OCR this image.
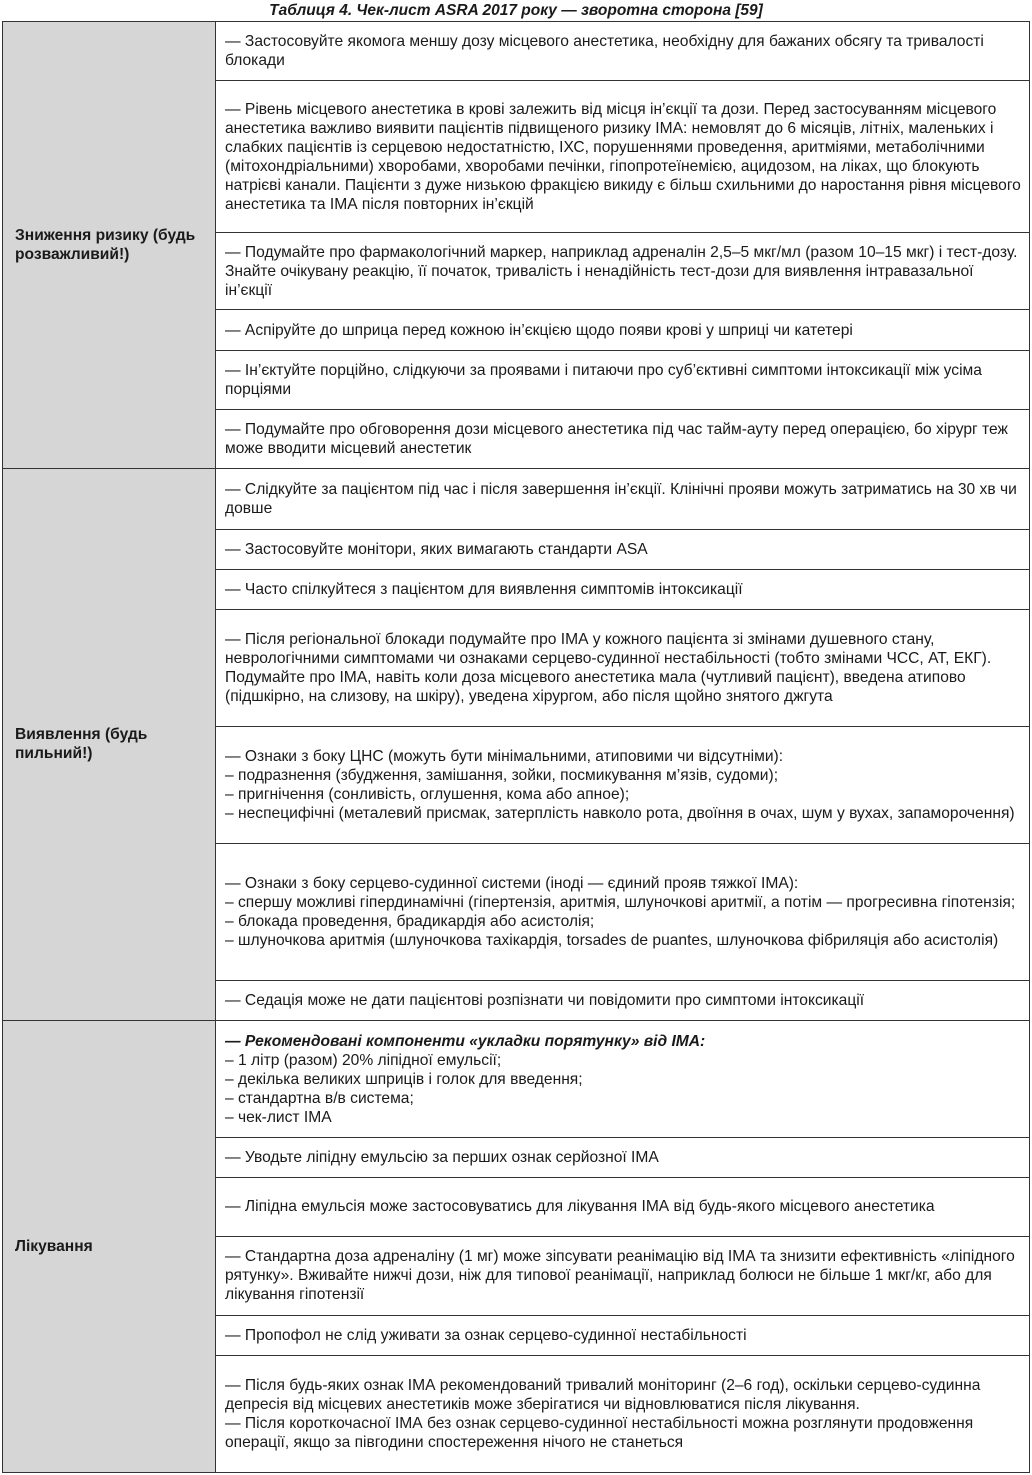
Таблиця 4. Чек-лист ASRA 2017 року — зворотна сторона [59]
Зниження ризику (будь розважливий!)	— Застосовуйте якомога меншу дозу місцевого анестетика, необхідну для бажаних обсягу та тривалості блокади

	— Рівень місцевого анестетика в крові залежить від місця ін’єкції та дози. Перед застосуванням місцевого анестетика важливо виявити пацієнтів підвищеного ризику ІМА: немовлят до 6 місяців, літніх, маленьких і слабких пацієнтів із серцевою недостатністю, ІХС, порушеннями проведення, аритміями, метаболічними (мітохондріальними) хворобами, хворобами печінки, гіпопротеїнемією, ацидозом, на ліках, що блокують натрієві канали. Пацієнти з дуже низькою фракцією викиду є більш схильними до наростання рівня місцевого анестетика та ІМА після повторних ін’єкцій

	— Подумайте про фармакологічний маркер, наприклад адреналін 2,5–5 мкг/мл (разом 10–15 мкг) і тест-дозу. Знайте очікувану реакцію, її початок, тривалість і ненадійність тест-дози для виявлення інтравазальної ін’єкції

	— Аспіруйте до шприца перед кожною ін’єкцією щодо появи крові у шприці чи катетері

	— Ін’єктуйте порційно, слідкуючи за проявами і питаючи про суб’єктивні симптоми інтоксикації між усіма порціями

	— Подумайте про обговорення дози місцевого анестетика під час тайм-ауту перед операцією, бо хірург теж може вводити місцевий анестетик

Виявлення (будь пильний!)	— Слідкуйте за пацієнтом під час і після завершення ін’єкції. Клінічні прояви можуть затриматись на 30 хв чи довше

	— Застосовуйте монітори, яких вимагають стандарти ASA

	— Часто спілкуйтеся з пацієнтом для виявлення симптомів інтоксикації

	— Після регіональної блокади подумайте про ІМА у кожного пацієнта зі змінами душевного стану, неврологічними симптомами чи ознаками серцево-судинної нестабільності (тобто змінами ЧСС, АТ, ЕКГ). Подумайте про ІМА, навіть коли доза місцевого анестетика мала (чутливий пацієнт), введена атипово (підшкірно, на слизову, на шкіру), уведена хірургом, або після щойно знятого джгута

	— Ознаки з боку ЦНС (можуть бути мінімальними, атиповими чи відсутніми):
– подразнення (збудження, замішання, зойки, посмикування м’язів, судоми);
– пригнічення (сонливість, оглушення, кома або апное);
– неспецифічні (металевий присмак, затерплість навколо рота, двоїння в очах, шум у вухах, запаморочення)

	— Ознаки з боку серцево-судинної системи (іноді — єдиний прояв тяжкої ІМА):
– спершу можливі гіпердинамічні (гіпертензія, аритмія, шлуночкові аритмії, а потім — прогресивна гіпотензія;
– блокада проведення, брадикардія або асистолія;
– шлуночкова аритмія (шлуночкова тахікардія, torsades de puantes, шлуночкова фібриляція або асистолія)

	— Седація може не дати пацієнтові розпізнати чи повідомити про симптоми інтоксикації

Лікування	— Рекомендовані компоненти «укладки порятунку» від ІМА:
– 1 літр (разом) 20% ліпідної емульсії;
– декілька великих шприців і голок для введення;
– стандартна в/в система;
– чек-лист ІМА

	— Уводьте ліпідну емульсію за перших ознак серйозної ІМА

	— Ліпідна емульсія може застосовуватись для лікування ІМА від будь-якого місцевого анестетика

	— Стандартна доза адреналіну (1 мг) може зіпсувати реанімацію від ІМА та знизити ефективність «ліпідного рятунку». Вживайте нижчі дози, ніж для типової реанімації, наприклад болюси не більше 1 мкг/кг, або для лікування гіпотензії

	— Пропофол не слід уживати за ознак серцево-судинної нестабільності

	— Після будь-яких ознак ІМА рекомендований тривалий моніторинг (2–6 год), оскільки серцево-судинна депресія від місцевих анестетиків може зберігатися чи відновлюватися після лікування.
— Після короткочасної ІМА без ознак серцево-судинної нестабільності можна розглянути продовження операції, якщо за півгодини спостереження нічого не станеться
